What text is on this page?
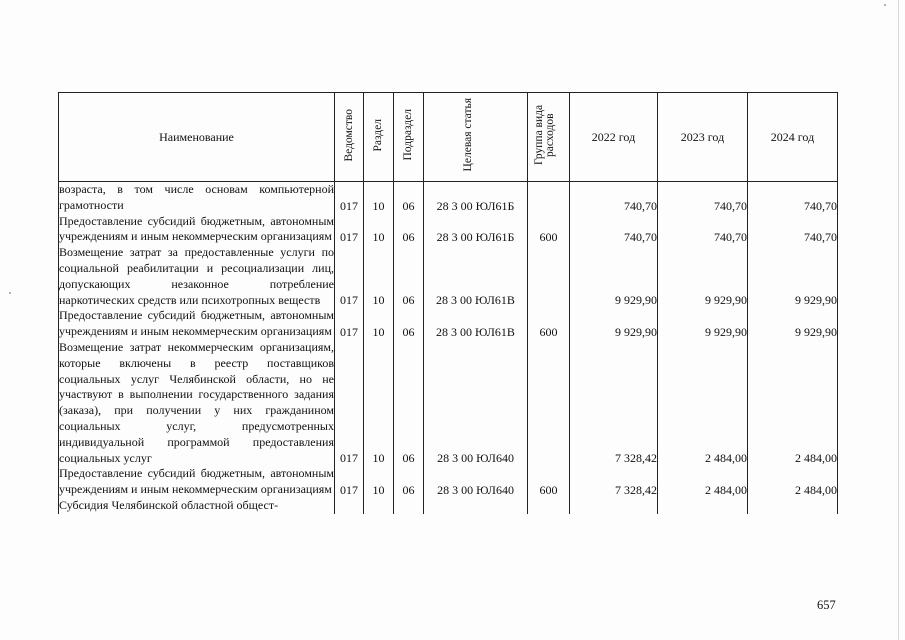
Наименование	Ведомство	Раздел	Подраздел	Целевая статья	Группа вида расходов	2022 год	2023 год	2024 год
возраста, в том числе основам компьютерной грамотности	017	10	06	28 3 00 ЮЛ61Б		740,70	740,70	740,70
Предоставление субсидий бюджетным, автономным учреждениям и иным некоммерческим организациям	017	10	06	28 3 00 ЮЛ61Б	600	740,70	740,70	740,70
Возмещение затрат за предоставленные услуги по социальной реабилитации и ресоциализации лиц, допускающих незаконное потребление наркотических средств или психотропных веществ	017	10	06	28 3 00 ЮЛ61В		9 929,90	9 929,90	9 929,90
Предоставление субсидий бюджетным, автономным учреждениям и иным некоммерческим организациям	017	10	06	28 3 00 ЮЛ61В	600	9 929,90	9 929,90	9 929,90
Возмещение затрат некоммерческим организациям, которые включены в реестр поставщиков социальных услуг Челябинской области, но не участвуют в выполнении государственного задания (заказа), при получении у них гражданином социальных услуг, предусмотренных индивидуальной программой предоставления социальных услуг	017	10	06	28 3 00 ЮЛ640		7 328,42	2 484,00	2 484,00
Предоставление субсидий бюджетным, автономным учреждениям и иным некоммерческим организациям	017	10	06	28 3 00 ЮЛ640	600	7 328,42	2 484,00	2 484,00
Субсидия Челябинской областной общест-								
657
